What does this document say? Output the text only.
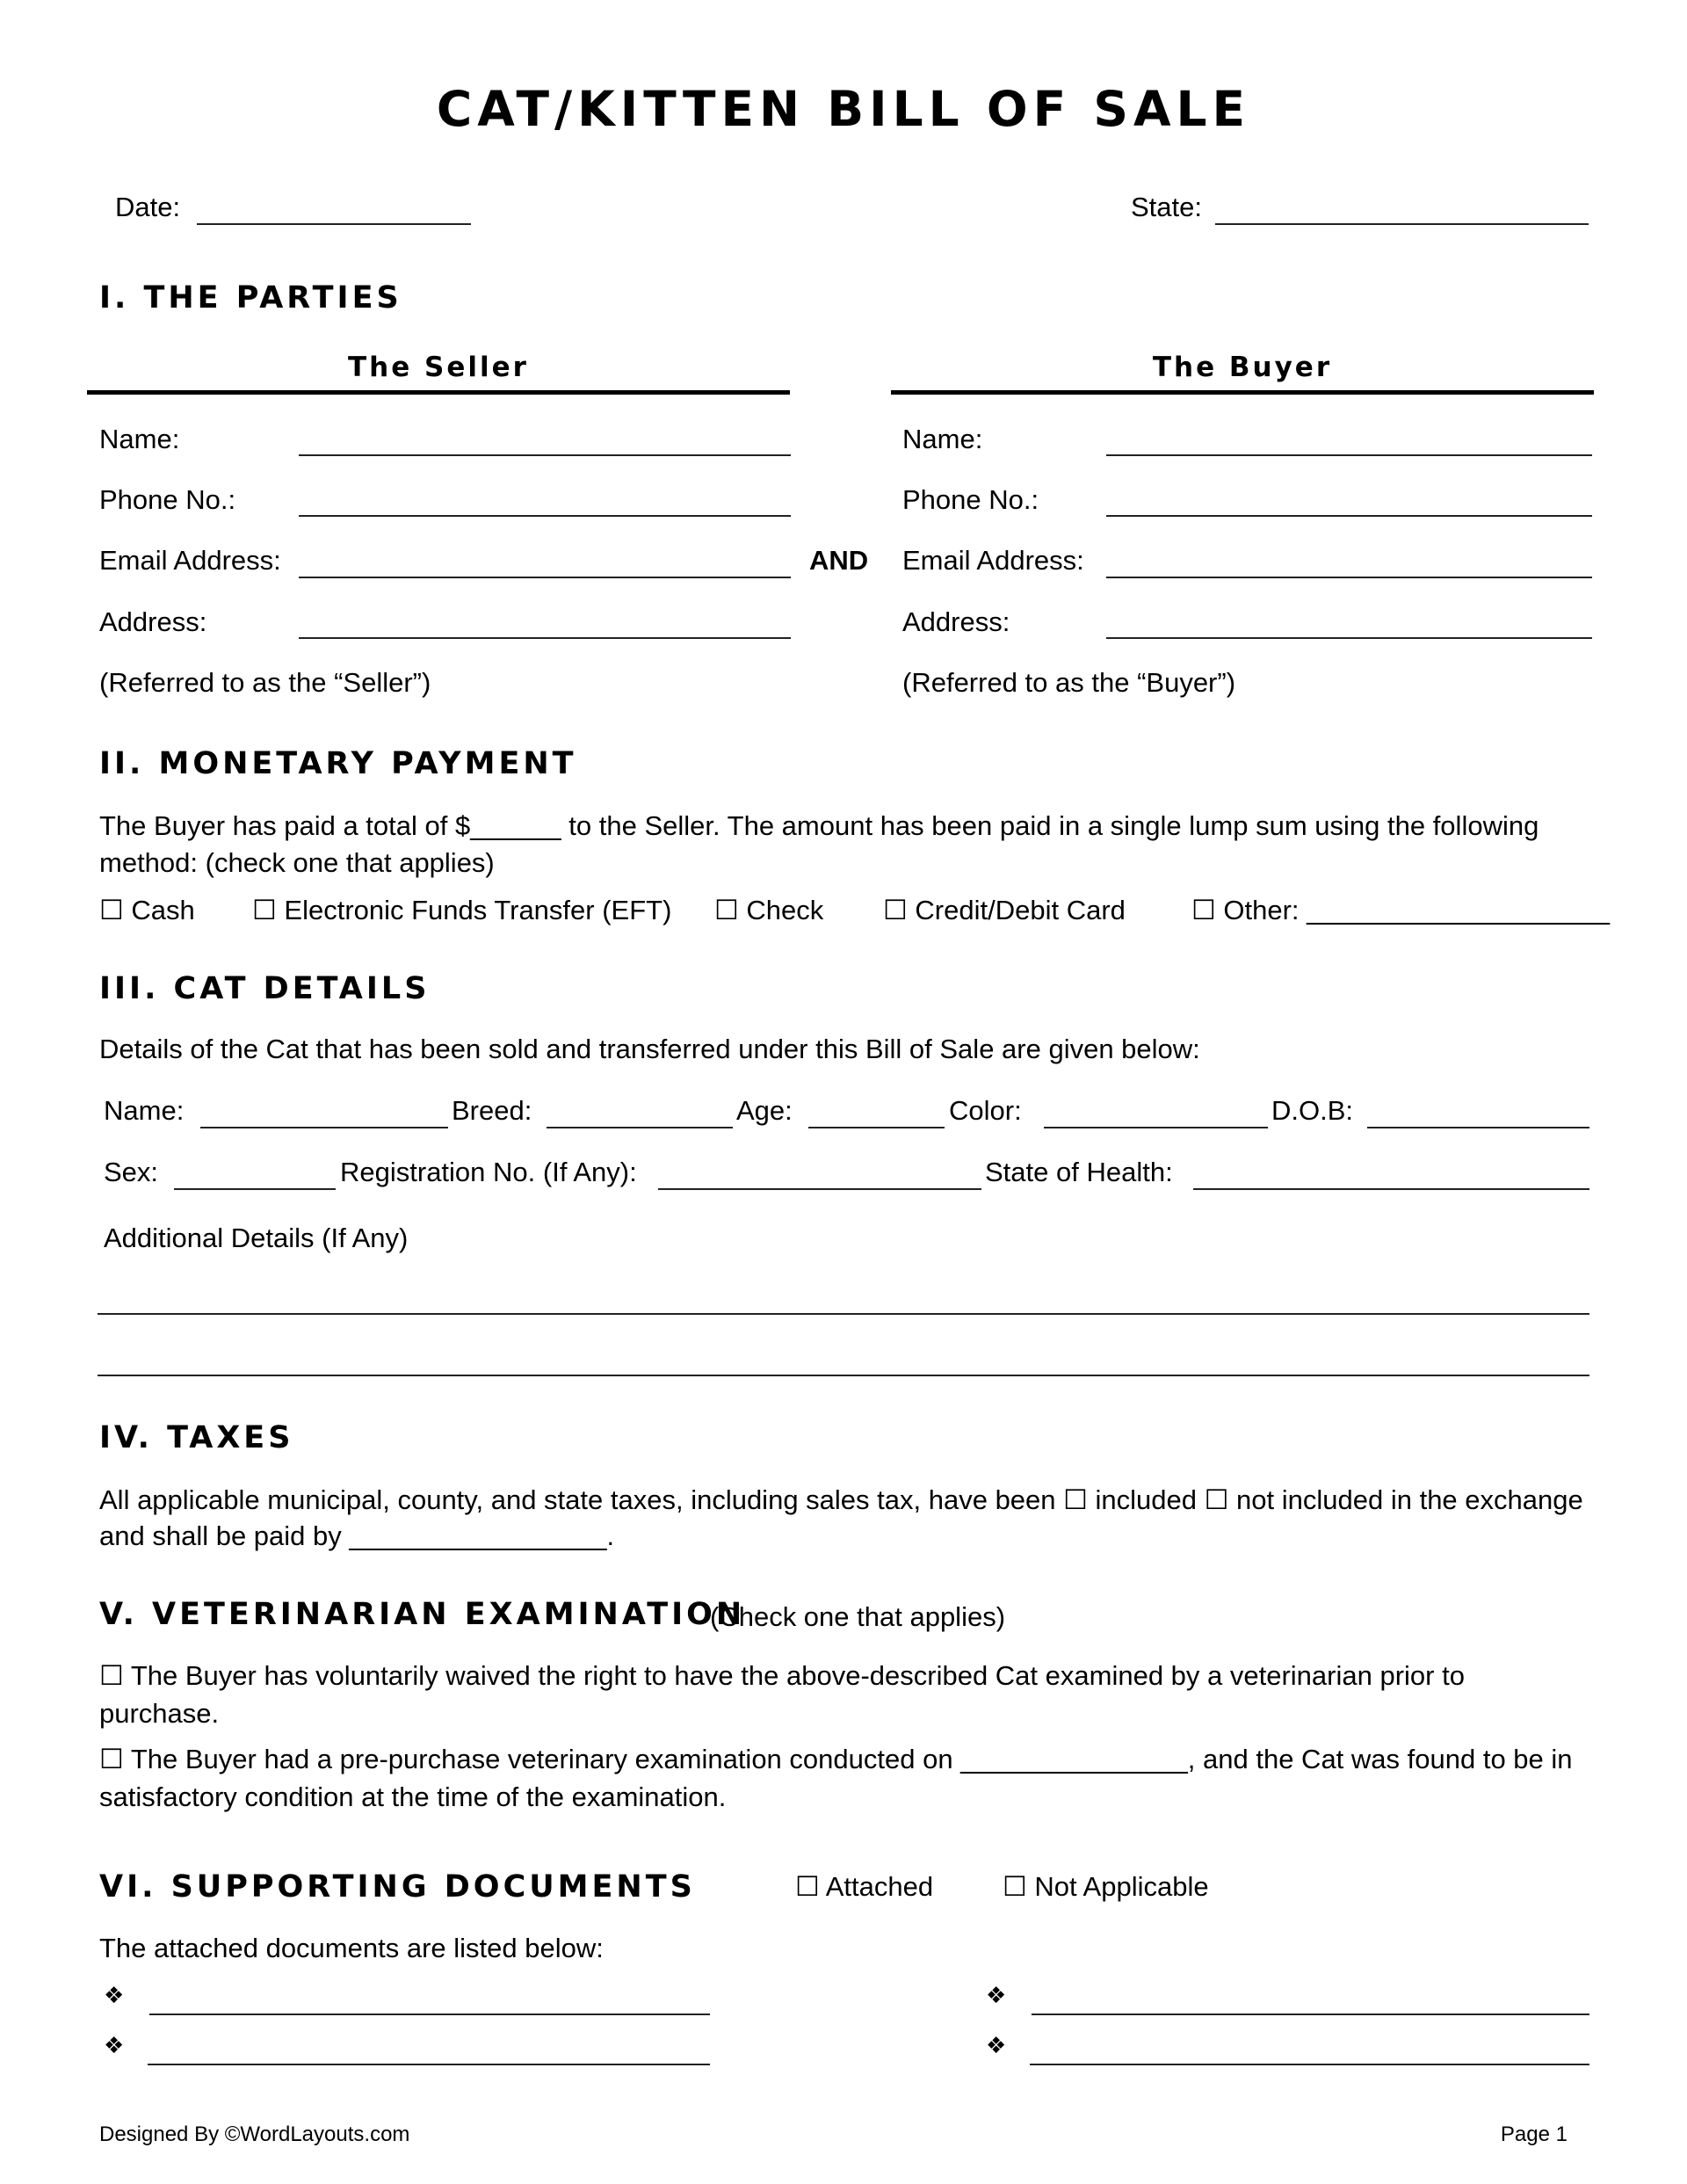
CAT/KITTEN BILL OF SALE
Date:	State:
I. THE PARTIES
The Seller	The Buyer
Name:
Phone No.:
Email Address:
Address:
(Referred to as the “Seller”)
AND
Name:
Phone No.:
Email Address:
Address:
(Referred to as the “Buyer”)
II. MONETARY PAYMENT
The Buyer has paid a total of $______ to the Seller. The amount has been paid in a single lump sum using the following
method: (check one that applies)
☐ Cash ☐ Electronic Funds Transfer (EFT) ☐ Check ☐ Credit/Debit Card ☐ Other: ____________________
III. CAT DETAILS
Details of the Cat that has been sold and transferred under this Bill of Sale are given below:
Name:	Breed:	Age:	Color:	D.O.B:
Sex:	Registration No. (If Any):	State of Health:
Additional Details (If Any)
IV. TAXES
All applicable municipal, county, and state taxes, including sales tax, have been ☐ included ☐ not included in the exchange
and shall be paid by _________________.
V. VETERINARIAN EXAMINATION
(Check one that applies)
☐ The Buyer has voluntarily waived the right to have the above-described Cat examined by a veterinarian prior to
purchase.
☐ The Buyer had a pre-purchase veterinary examination conducted on _______________, and the Cat was found to be in
satisfactory condition at the time of the examination.
VI. SUPPORTING DOCUMENTS	☐ Attached	☐ Not Applicable
The attached documents are listed below:
❖
❖
❖
❖
Designed By ©WordLayouts.com	Page 1
